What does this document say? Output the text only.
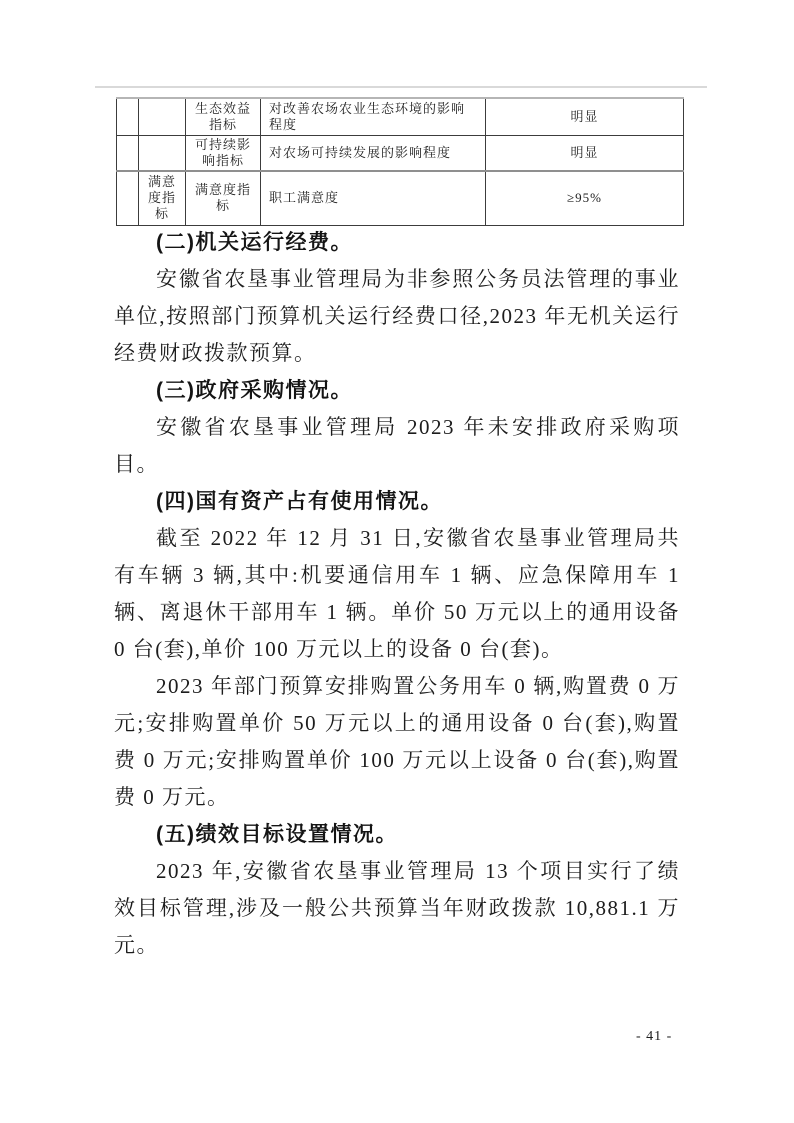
		生态效益指标	对改善农场农业生态环境的影响程度	明显
		可持续影响指标	对农场可持续发展的影响程度	明显
	满意度指标	满意度指标	职工满意度	≥95%
(二)机关运行经费。

安徽省农垦事业管理局为非参照公务员法管理的事业单位,按照部门预算机关运行经费口径,2023 年无机关运行经费财政拨款预算。

(三)政府采购情况。

安徽省农垦事业管理局 2023 年未安排政府采购项目。

(四)国有资产占有使用情况。

截至 2022 年 12 月 31 日,安徽省农垦事业管理局共有车辆 3 辆,其中:机要通信用车 1 辆、应急保障用车 1 辆、离退休干部用车 1 辆。单价 50 万元以上的通用设备 0 台(套),单价 100 万元以上的设备 0 台(套)。

2023 年部门预算安排购置公务用车 0 辆,购置费 0 万元;安排购置单价 50 万元以上的通用设备 0 台(套),购置费 0 万元;安排购置单价 100 万元以上设备 0 台(套),购置费 0 万元。

(五)绩效目标设置情况。

2023 年,安徽省农垦事业管理局 13 个项目实行了绩效目标管理,涉及一般公共预算当年财政拨款 10,881.1 万元。

- 41 -
